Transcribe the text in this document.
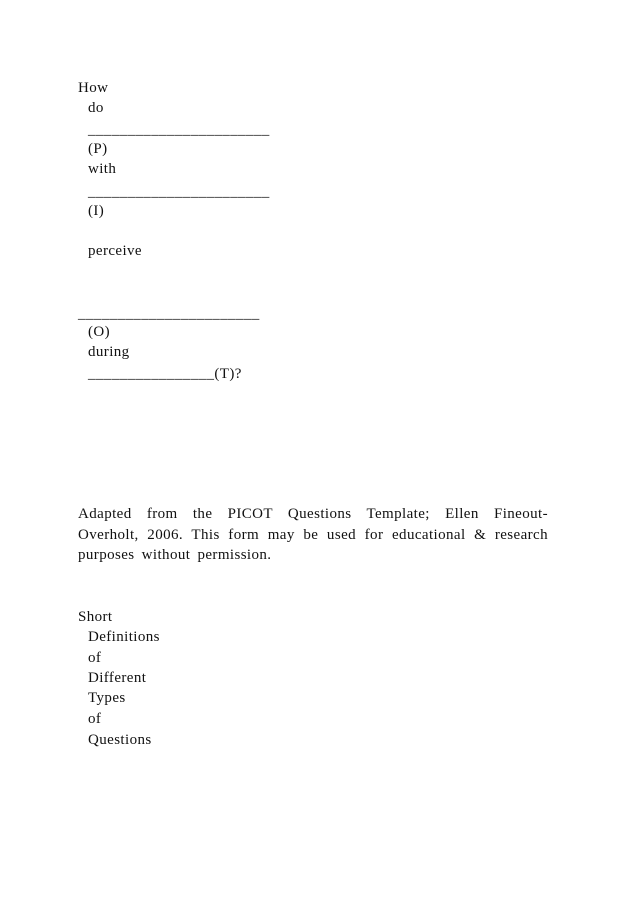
How
do
_______________________
(P)
with
_______________________
(I)
perceive
_______________________
(O)
during
________________(T)?
Adapted from the PICOT Questions Template; Ellen Fineout-Overholt, 2006. This form may be used for educational & research purposes without permission.
Short
Definitions
of
Different
Types
of
Questions
